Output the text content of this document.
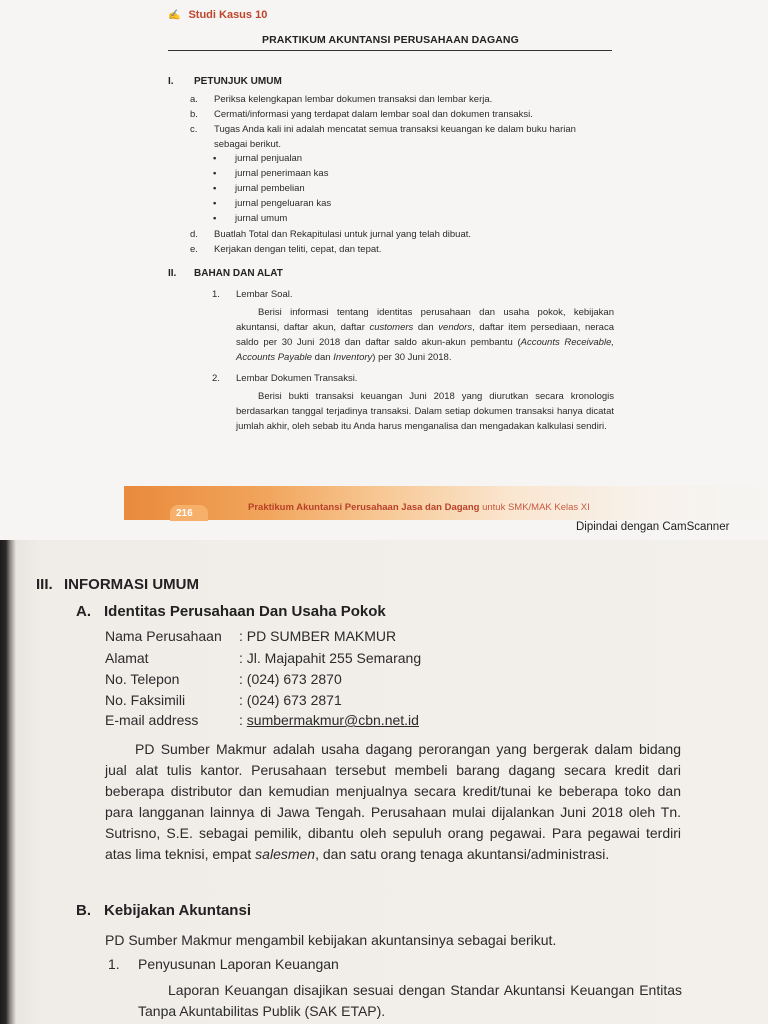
✍ Studi Kasus 10
PRAKTIKUM AKUNTANSI PERUSAHAAN DAGANG
I. PETUNJUK UMUM
a. Periksa kelengkapan lembar dokumen transaksi dan lembar kerja.
b. Cermati/informasi yang terdapat dalam lembar soal dan dokumen transaksi.
c. Tugas Anda kali ini adalah mencatat semua transaksi keuangan ke dalam buku harian
sebagai berikut.
• jurnal penjualan
• jurnal penerimaan kas
• jurnal pembelian
• jurnal pengeluaran kas
• jurnal umum
d. Buatlah Total dan Rekapitulasi untuk jurnal yang telah dibuat.
e. Kerjakan dengan teliti, cepat, dan tepat.
II. BAHAN DAN ALAT
1. Lembar Soal.
Berisi informasi tentang identitas perusahaan dan usaha pokok, kebijakan akuntansi, daftar akun, daftar customers dan vendors, daftar item persediaan, neraca saldo per 30 Juni 2018 dan daftar saldo akun-akun pembantu (Accounts Receivable, Accounts Payable dan Inventory) per 30 Juni 2018.
2. Lembar Dokumen Transaksi.
Berisi bukti transaksi keuangan Juni 2018 yang diurutkan secara kronologis berdasarkan tanggal terjadinya transaksi. Dalam setiap dokumen transaksi hanya dicatat jumlah akhir, oleh sebab itu Anda harus menganalisa dan mengadakan kalkulasi sendiri.
216
Praktikum Akuntansi Perusahaan Jasa dan Dagang untuk SMK/MAK Kelas XI
Dipindai dengan CamScanner
III. INFORMASI UMUM
A. Identitas Perusahaan Dan Usaha Pokok
Nama Perusahaan : PD SUMBER MAKMUR
Alamat	: Jl. Majapahit 255 Semarang
No. Telepon	: (024) 673 2870
No. Faksimili	: (024) 673 2871
E-mail address	: sumbermakmur@cbn.net.id
PD Sumber Makmur adalah usaha dagang perorangan yang bergerak dalam bidang jual alat tulis kantor. Perusahaan tersebut membeli barang dagang secara kredit dari beberapa distributor dan kemudian menjualnya secara kredit/tunai ke beberapa toko dan para langganan lainnya di Jawa Tengah. Perusahaan mulai dijalankan Juni 2018 oleh Tn. Sutrisno, S.E. sebagai pemilik, dibantu oleh sepuluh orang pegawai. Para pegawai terdiri atas lima teknisi, empat salesmen, dan satu orang tenaga akuntansi/administrasi.
B. Kebijakan Akuntansi
PD Sumber Makmur mengambil kebijakan akuntansinya sebagai berikut.
1. Penyusunan Laporan Keuangan
Laporan Keuangan disajikan sesuai dengan Standar Akuntansi Keuangan Entitas Tanpa Akuntabilitas Publik (SAK ETAP).
